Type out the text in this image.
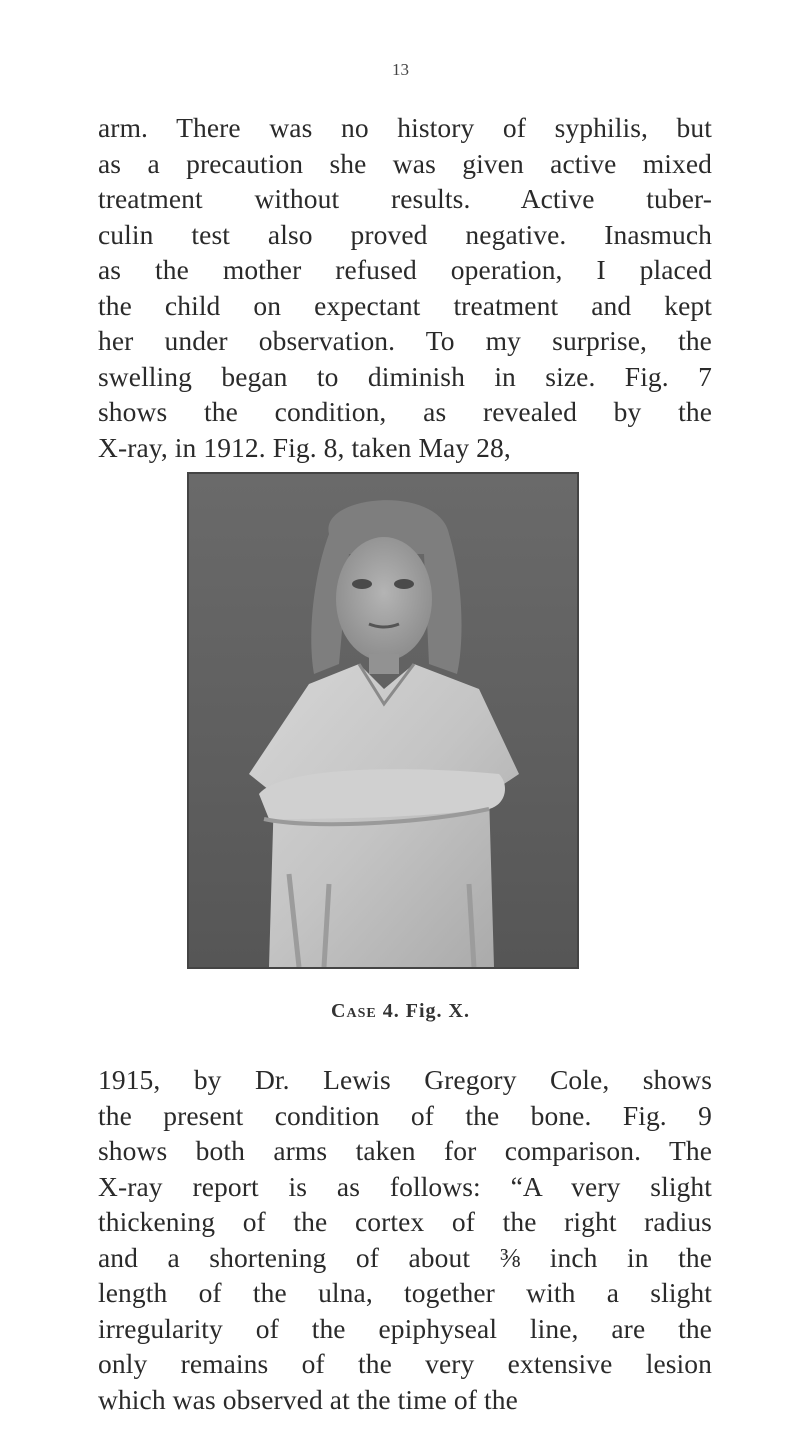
13
arm. There was no history of syphilis, but
as a precaution she was given active mixed
treatment without results. Active tuber-
culin test also proved negative. Inasmuch
as the mother refused operation, I placed
the child on expectant treatment and kept
her under observation. To my surprise, the
swelling began to diminish in size. Fig. 7
shows the condition, as revealed by the
X-ray, in 1912. Fig. 8, taken May 28,
Case 4. Fig. X.
1915, by Dr. Lewis Gregory Cole, shows
the present condition of the bone. Fig. 9
shows both arms taken for comparison. The
X-ray report is as follows: “A very slight
thickening of the cortex of the right radius
and a shortening of about ⅜ inch in the
length of the ulna, together with a slight
irregularity of the epiphyseal line, are the
only remains of the very extensive lesion
which was observed at the time of the
